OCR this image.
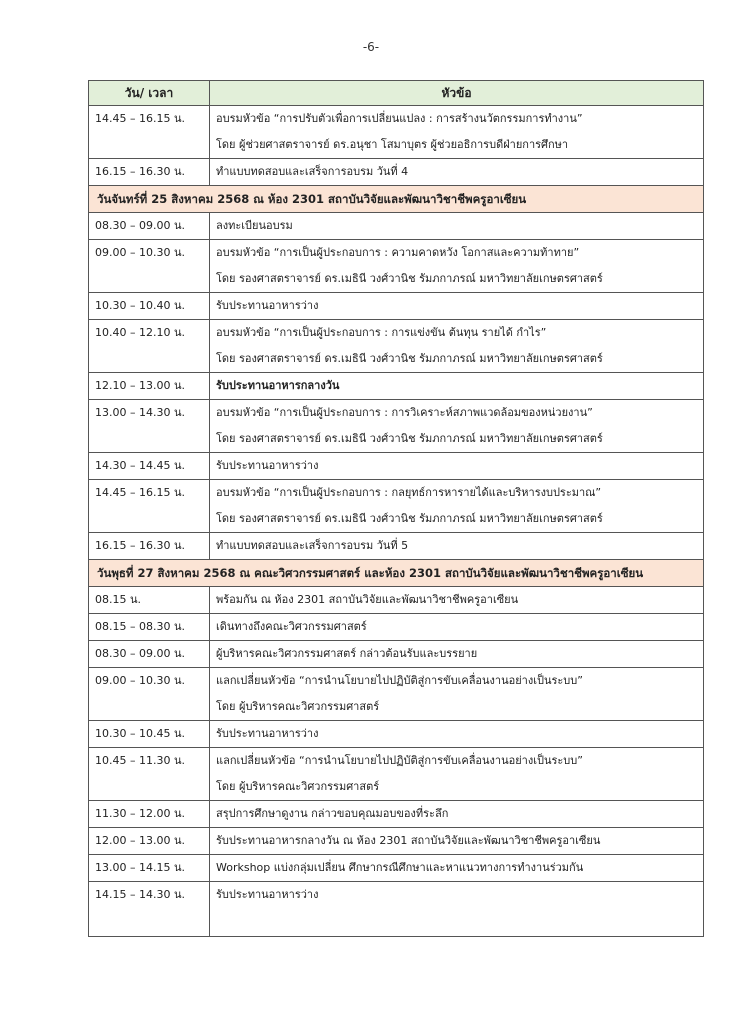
-6-
วัน/ เวลา	หัวข้อ

14.45 – 16.15 น.	อบรมหัวข้อ “การปรับตัวเพื่อการเปลี่ยนแปลง : การสร้างนวัตกรรมการทำงาน”
โดย ผู้ช่วยศาสตราจารย์ ดร.อนุชา โสมาบุตร ผู้ช่วยอธิการบดีฝ่ายการศึกษา

16.15 – 16.30 น.	ทำแบบทดสอบและเสร็จการอบรม วันที่ 4

วันจันทร์ที่ 25 สิงหาคม 2568 ณ ห้อง 2301 สถาบันวิจัยและพัฒนาวิชาชีพครูอาเซียน	

08.30 – 09.00 น.	ลงทะเบียนอบรม

09.00 – 10.30 น.	อบรมหัวข้อ “การเป็นผู้ประกอบการ : ความคาดหวัง โอกาสและความท้าทาย”
โดย รองศาสตราจารย์ ดร.เมธินี วงศ์วานิช รัมภกาภรณ์ มหาวิทยาลัยเกษตรศาสตร์

10.30 – 10.40 น.	รับประทานอาหารว่าง

10.40 – 12.10 น.	อบรมหัวข้อ “การเป็นผู้ประกอบการ : การแข่งขัน ต้นทุน รายได้ กำไร”
โดย รองศาสตราจารย์ ดร.เมธินี วงศ์วานิช รัมภกาภรณ์ มหาวิทยาลัยเกษตรศาสตร์

12.10 – 13.00 น.	รับประทานอาหารกลางวัน

13.00 – 14.30 น.	อบรมหัวข้อ “การเป็นผู้ประกอบการ : การวิเคราะห์สภาพแวดล้อมของหน่วยงาน”
โดย รองศาสตราจารย์ ดร.เมธินี วงศ์วานิช รัมภกาภรณ์ มหาวิทยาลัยเกษตรศาสตร์

14.30 – 14.45 น.	รับประทานอาหารว่าง

14.45 – 16.15 น.	อบรมหัวข้อ “การเป็นผู้ประกอบการ : กลยุทธ์การหารายได้และบริหารงบประมาณ”
โดย รองศาสตราจารย์ ดร.เมธินี วงศ์วานิช รัมภกาภรณ์ มหาวิทยาลัยเกษตรศาสตร์

16.15 – 16.30 น.	ทำแบบทดสอบและเสร็จการอบรม วันที่ 5

วันพุธที่ 27 สิงหาคม 2568 ณ คณะวิศวกรรมศาสตร์ และห้อง 2301 สถาบันวิจัยและพัฒนาวิชาชีพครูอาเซียน	

08.15 น.	พร้อมกัน ณ ห้อง 2301 สถาบันวิจัยและพัฒนาวิชาชีพครูอาเซียน

08.15 – 08.30 น.	เดินทางถึงคณะวิศวกรรมศาสตร์

08.30 – 09.00 น.	ผู้บริหารคณะวิศวกรรมศาสตร์ กล่าวต้อนรับและบรรยาย

09.00 – 10.30 น.	แลกเปลี่ยนหัวข้อ “การนำนโยบายไปปฏิบัติสู่การขับเคลื่อนงานอย่างเป็นระบบ”
โดย ผู้บริหารคณะวิศวกรรมศาสตร์

10.30 – 10.45 น.	รับประทานอาหารว่าง

10.45 – 11.30 น.	แลกเปลี่ยนหัวข้อ “การนำนโยบายไปปฏิบัติสู่การขับเคลื่อนงานอย่างเป็นระบบ”
โดย ผู้บริหารคณะวิศวกรรมศาสตร์

11.30 – 12.00 น.	สรุปการศึกษาดูงาน กล่าวขอบคุณมอบของที่ระลึก

12.00 – 13.00 น.	รับประทานอาหารกลางวัน ณ ห้อง 2301 สถาบันวิจัยและพัฒนาวิชาชีพครูอาเซียน

13.00 – 14.15 น.	Workshop แบ่งกลุ่มเปลี่ยน ศึกษากรณีศึกษาและหาแนวทางการทำงานร่วมกัน

14.15 – 14.30 น.	รับประทานอาหารว่าง
